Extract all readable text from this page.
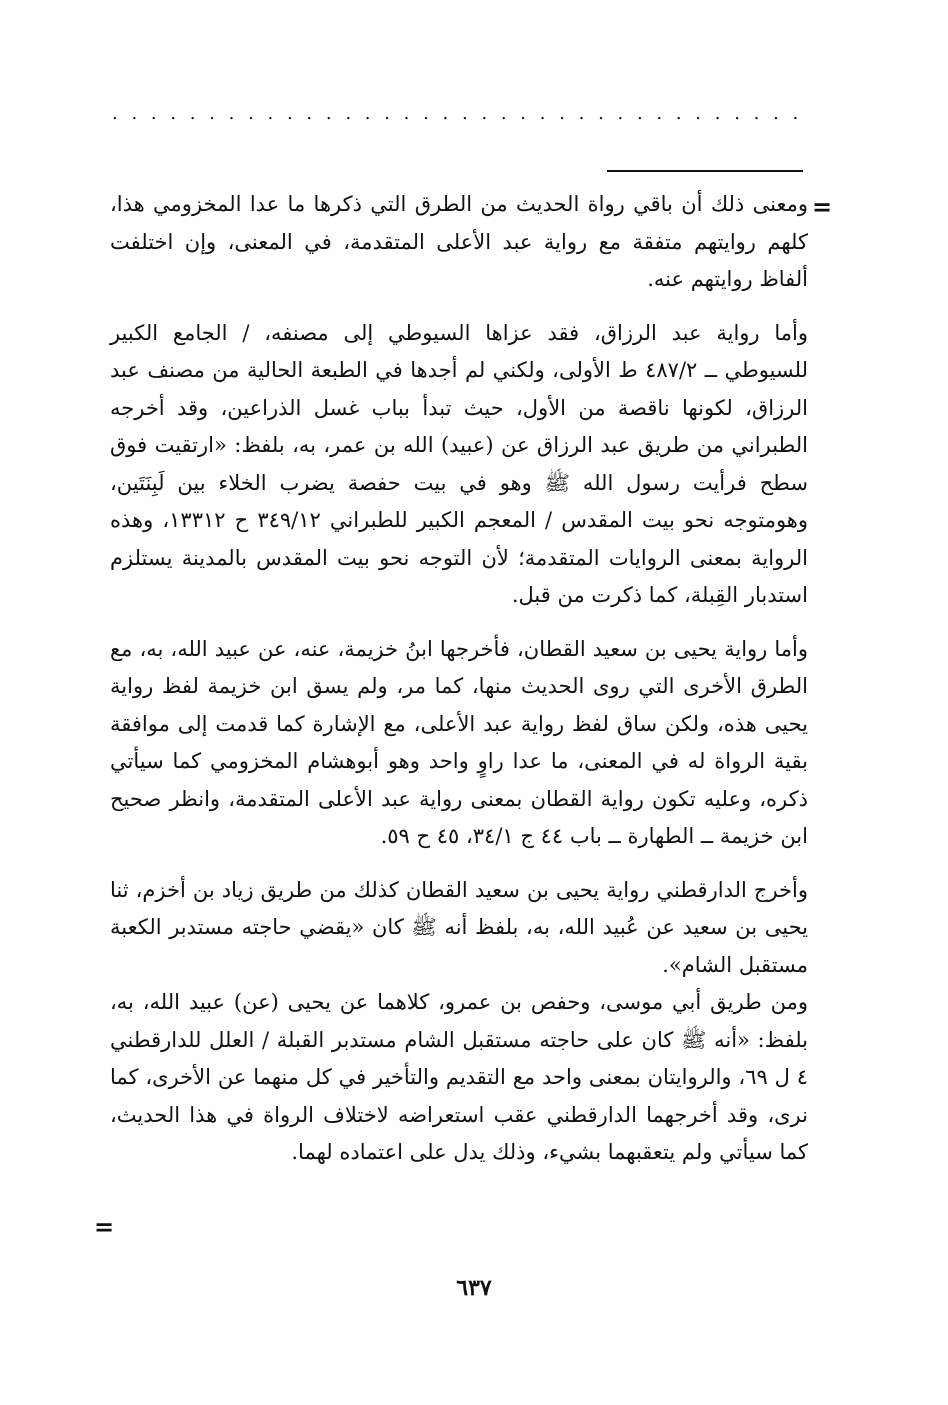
. . . . . . . . . . . . . . . . . . . . . . . . . . . . . . . . . . . .
=

ومعنى ذلك أن باقي رواة الحديث من الطرق التي ذكرها ما عدا المخزومي هذا، كلهم روايتهم متفقة مع رواية عبد الأعلى المتقدمة، في المعنى، وإن اختلفت ألفاظ روايتهم عنه.

وأما رواية عبد الرزاق، فقد عزاها السيوطي إلى مصنفه، / الجامع الكبير للسيوطي ــ ٤٨٧/٢ ط الأولى، ولكني لم أجدها في الطبعة الحالية من مصنف عبد الرزاق، لكونها ناقصة من الأول، حيث تبدأ بباب غسل الذراعين، وقد أخرجه الطبراني من طريق عبد الرزاق عن (عبيد) الله بن عمر، به، بلفظ: «ارتقيت فوق سطح فرأيت رسول الله ﷺ وهو في بيت حفصة يضرب الخلاء بين لَبِنَتَين، وهومتوجه نحو بيت المقدس / المعجم الكبير للطبراني ٣٤٩/١٢ ح ١٣٣١٢، وهذه الرواية بمعنى الروايات المتقدمة؛ لأن التوجه نحو بيت المقدس بالمدينة يستلزم استدبار القِبلة، كما ذكرت من قبل.

وأما رواية يحيى بن سعيد القطان، فأخرجها ابنُ خزيمة، عنه، عن عبيد الله، به، مع الطرق الأخرى التي روى الحديث منها، كما مر، ولم يسق ابن خزيمة لفظ رواية يحيى هذه، ولكن ساق لفظ رواية عبد الأعلى، مع الإشارة كما قدمت إلى موافقة بقية الرواة له في المعنى، ما عدا راوٍ واحد وهو أبوهشام المخزومي كما سيأتي ذكره، وعليه تكون رواية القطان بمعنى رواية عبد الأعلى المتقدمة، وانظر صحيح ابن خزيمة ــ الطهارة ــ باب ٤٤ ج ٣٤/١، ٤٥ ح ٥٩.

وأخرج الدارقطني رواية يحيى بن سعيد القطان كذلك من طريق زياد بن أخزم، ثنا يحيى بن سعيد عن عُبيد الله، به، بلفظ أنه ﷺ كان «يقضي حاجته مستدبر الكعبة مستقبل الشام».

ومن طريق أبي موسى، وحفص بن عمرو، كلاهما عن يحيى (عن) عبيد الله، به، بلفظ: «أنه ﷺ كان على حاجته مستقبل الشام مستدبر القبلة / العلل للدارقطني ٤ ل ٦٩، والروايتان بمعنى واحد مع التقديم والتأخير في كل منهما عن الأخرى، كما نرى، وقد أخرجهما الدارقطني عقب استعراضه لاختلاف الرواة في هذا الحديث، كما سيأتي ولم يتعقبهما بشيء، وذلك يدل على اعتماده لهما.

=
٦٣٧
